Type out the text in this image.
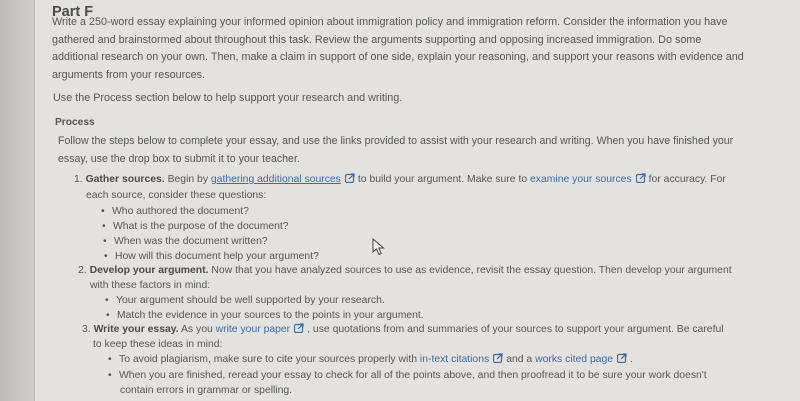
Part F
Write a 250-word essay explaining your informed opinion about immigration policy and immigration reform. Consider the information you have
gathered and brainstormed about throughout this task. Review the arguments supporting and opposing increased immigration. Do some
additional research on your own. Then, make a claim in support of one side, explain your reasoning, and support your reasons with evidence and
arguments from your resources.
Use the Process section below to help support your research and writing.
Process
Follow the steps below to complete your essay, and use the links provided to assist with your research and writing. When you have finished your
essay, use the drop box to submit it to your teacher.
1. Gather sources. Begin by gathering additional sources to build your argument. Make sure to examine your sources for accuracy. For
each source, consider these questions:
• Who authored the document?
• What is the purpose of the document?
• When was the document written?
• How will this document help your argument?
2. Develop your argument. Now that you have analyzed sources to use as evidence, revisit the essay question. Then develop your argument
with these factors in mind:
• Your argument should be well supported by your research.
• Match the evidence in your sources to the points in your argument.
3. Write your essay. As you write your paper , use quotations from and summaries of your sources to support your argument. Be careful
to keep these ideas in mind:
• To avoid plagiarism, make sure to cite your sources properly with in-text citations and a works cited page .
• When you are finished, reread your essay to check for all of the points above, and then proofread it to be sure your work doesn't
contain errors in grammar or spelling.
